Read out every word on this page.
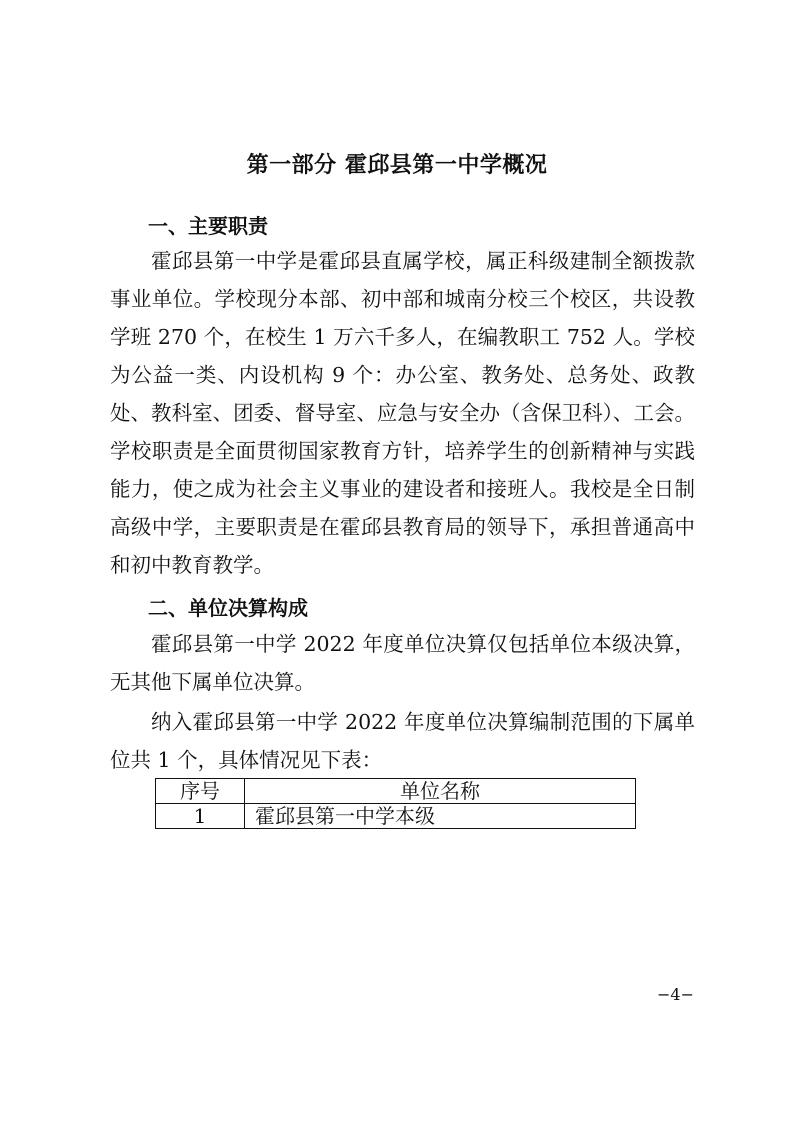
第一部分 霍邱县第一中学概况
一、主要职责
霍邱县第一中学是霍邱县直属学校，属正科级建制全额拨款事业单位。学校现分本部、初中部和城南分校三个校区，共设教学班 270 个，在校生 1 万六千多人，在编教职工 752 人。学校为公益一类、内设机构 9 个：办公室、教务处、总务处、政教处、教科室、团委、督导室、应急与安全办（含保卫科）、工会。学校职责是全面贯彻国家教育方针，培养学生的创新精神与实践能力，使之成为社会主义事业的建设者和接班人。我校是全日制高级中学，主要职责是在霍邱县教育局的领导下，承担普通高中和初中教育教学。
二、单位决算构成
霍邱县第一中学 2022 年度单位决算仅包括单位本级决算，无其他下属单位决算。
纳入霍邱县第一中学 2022 年度单位决算编制范围的下属单位共 1 个，具体情况见下表：
序号	单位名称
1	霍邱县第一中学本级
−4−
